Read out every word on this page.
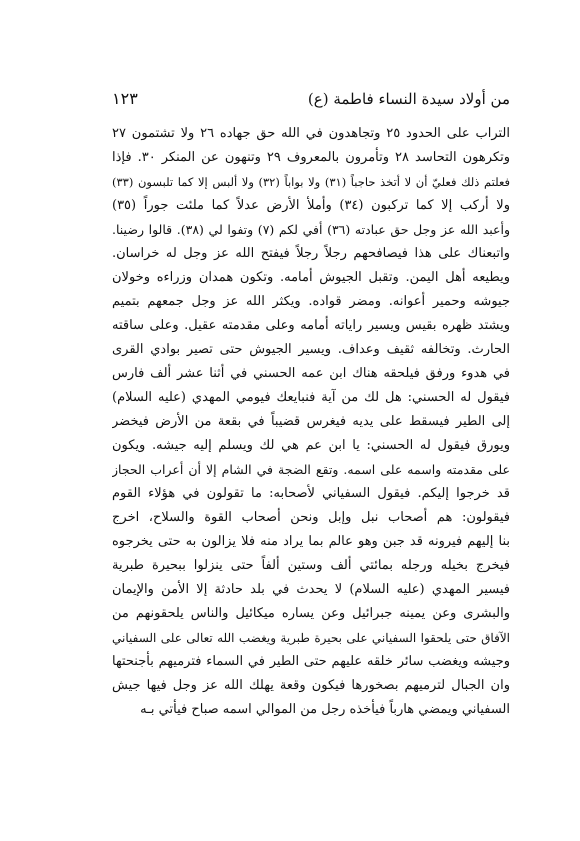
من أولاد سيدة النساء فاطمة (ع)
١٢٣
التراب على الحدود ٢٥ وتجاهدون في الله حق جهاده ٢٦ ولا تشتمون ٢٧
وتكرهون التحاسد ٢٨ وتأمرون بالمعروف ٢٩ وتنهون عن المنكر ٣٠. فإذا
فعلتم ذلك فعليّ أن لا أتخذ حاجباً (٣١) ولا بواباً (٣٢) ولا ألبس إلا كما تلبسون (٣٣)
ولا أركب إلا كما تركبون (٣٤) وأملأ الأرض عدلاً كما ملئت جوراً (٣٥)
وأعبد الله عز وجل حق عبادته (٣٦) أفي لكم (٧) وتفوا لي (٣٨). قالوا رضينا.
واتبعناك على هذا فيصافحهم رجلاً رجلاً فيفتح الله عز وجل له خراسان.
ويطيعه أهل اليمن. وتقبل الجيوش أمامه. وتكون همدان وزراءه وخولان
جيوشه وحمير أعوانه. ومضر قواده. ويكثر الله عز وجل جمعهم بتميم
ويشتد ظهره بقيس ويسير راياته أمامه وعلى مقدمته عقيل. وعلى ساقته
الحارث. وتخالفه ثقيف وعداف. ويسير الجيوش حتى تصير بوادي القرى
في هدوء ورفق فيلحقه هناك ابن عمه الحسني في أثنا عشر ألف فارس
فيقول له الحسني: هل لك من آية فنبايعك فيومي المهدي (عليه السلام)
إلى الطير فيسقط على يديه فيغرس قضيباً في بقعة من الأرض فيخضر
ويورق فيقول له الحسني: يا ابن عم هي لك ويسلم إليه جيشه. ويكون
على مقدمته واسمه على اسمه. وتقع الضجة في الشام إلا أن أعراب الحجاز
قد خرجوا إليكم. فيقول السفياني لأصحابه: ما تقولون في هؤلاء القوم
فيقولون: هم أصحاب نبل وإبل ونحن أصحاب القوة والسلاح، اخرج
بنا إليهم فيرونه قد جبن وهو عالم بما يراد منه فلا يزالون به حتى يخرجوه
فيخرج بخيله ورجله بمائتي ألف وستين ألفاً حتى ينزلوا ببحيرة طبرية
فيسير المهدي (عليه السلام) لا يحدث في بلد حادثة إلا الأمن والإيمان
والبشرى وعن يمينه جبرائيل وعن يساره ميكائيل والناس يلحقونهم من
الآفاق حتى يلحقوا السفياني على بحيرة طبرية ويغضب الله تعالى على السفياني
وجيشه ويغضب سائر خلقه عليهم حتى الطير في السماء فترميهم بأجنحتها
وان الجبال لترميهم بصخورها فيكون وقعة يهلك الله عز وجل فيها جيش
السفياني ويمضي هارباً فيأخذه رجل من الموالي اسمه صباح فيأتي بـه
